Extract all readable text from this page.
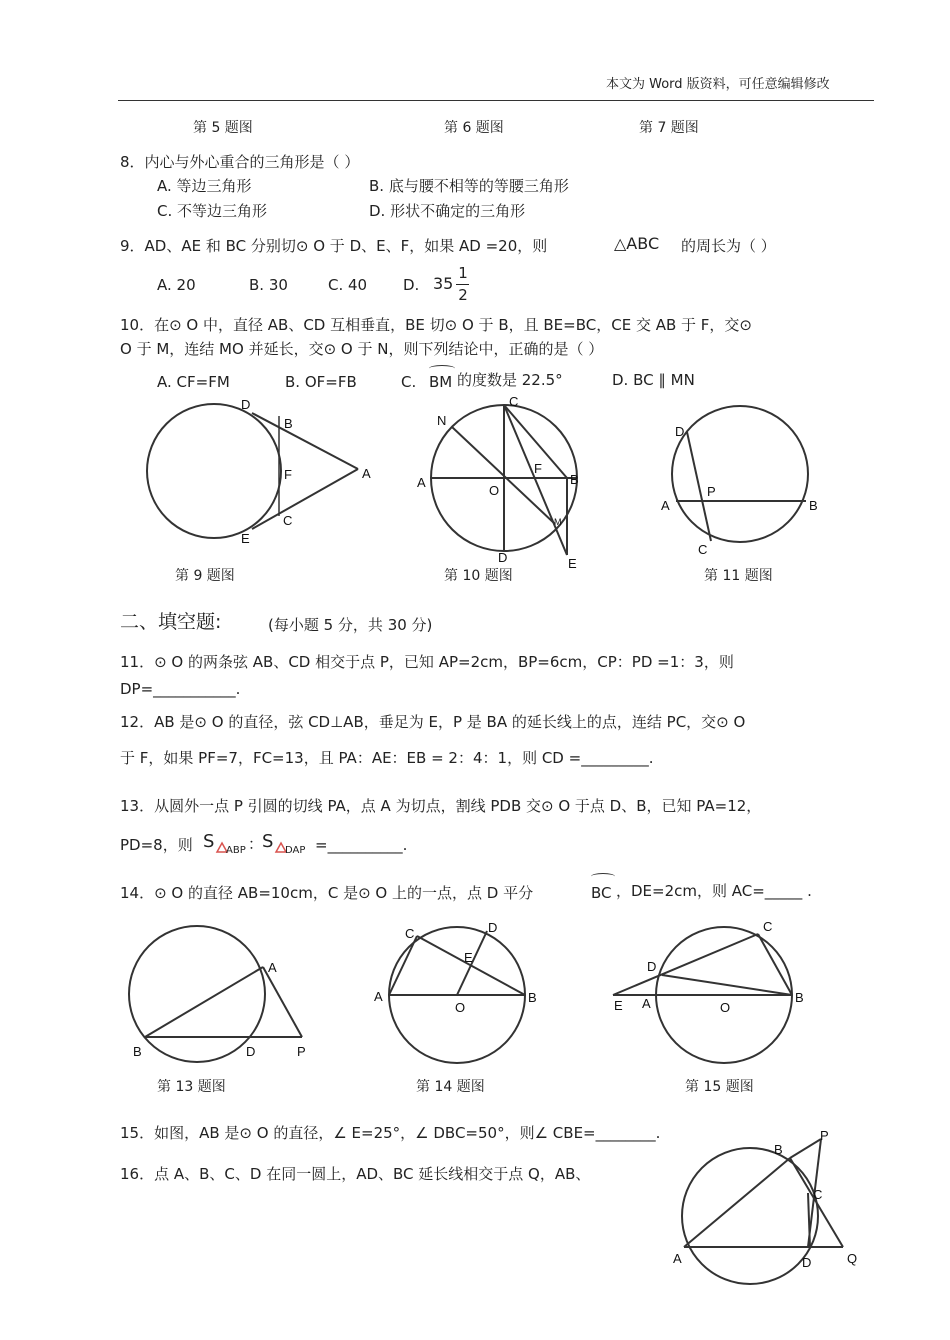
本文为 Word 版资料，可任意编辑修改
第 5 题图	第 6 题图	第 7 题图
8．内心与外心重合的三角形是（ ）
A. 等边三角形	B. 底与腰不相等的等腰三角形
C. 不等边三角形	D. 形状不确定的三角形
9．AD、AE 和 BC 分别切⊙ O 于 D、E、F，如果 AD =20，则	△ABC 的周长为（ ）
A. 20	B. 30	C. 40 D. 35
1
2
10．在⊙ O 中，直径 AB、CD 互相垂直，BE 切⊙ O 于 B，且 BE=BC，CE 交 AB 于 F，交⊙
O 于 M，连结 MO 并延长，交⊙ O 于 N，则下列结论中，正确的是（ ）
A. CF=FM	B. OF=FB	C. BM 的度数是 22.5°	D. BC ∥ MN
D
B
F	A
C
E
C
N
F
A
O
B
M
D	E
D
P
A	B
C
A
B	D	P
C	D
E
A
O
B
C
D
E A	O
B
B
P
C
A	D	Q
第 9 题图	第 10 题图	第 11 题图
二、填空题:	(每小题 5 分，共 30 分)
11．⊙ O 的两条弦 AB、CD 相交于点 P，已知 AP=2cm，BP=6cm，CP：PD =1：3，则
DP=___________.
12．AB 是⊙ O 的直径，弦 CD⊥AB，垂足为 E，P 是 BA 的延长线上的点，连结 PC，交⊙ O
于 F，如果 PF=7，FC=13，且 PA：AE：EB = 2：4：1，则 CD =_________.
13．从圆外一点 P 引圆的切线 PA，点 A 为切点，割线 PDB 交⊙ O 于点 D、B，已知 PA=12，
PD=8，则 S ABP ：
S DAP =__________.
14．⊙ O 的直径 AB=10cm，C 是⊙ O 上的一点，点 D 平分	BC ，DE=2cm，则 AC=_____ .
第 13 题图	第 14 题图	第 15 题图
15．如图，AB 是⊙ O 的直径，∠ E=25°，∠ DBC=50°，则∠ CBE=________.
16．点 A、B、C、D 在同一圆上，AD、BC 延长线相交于点 Q，AB、
